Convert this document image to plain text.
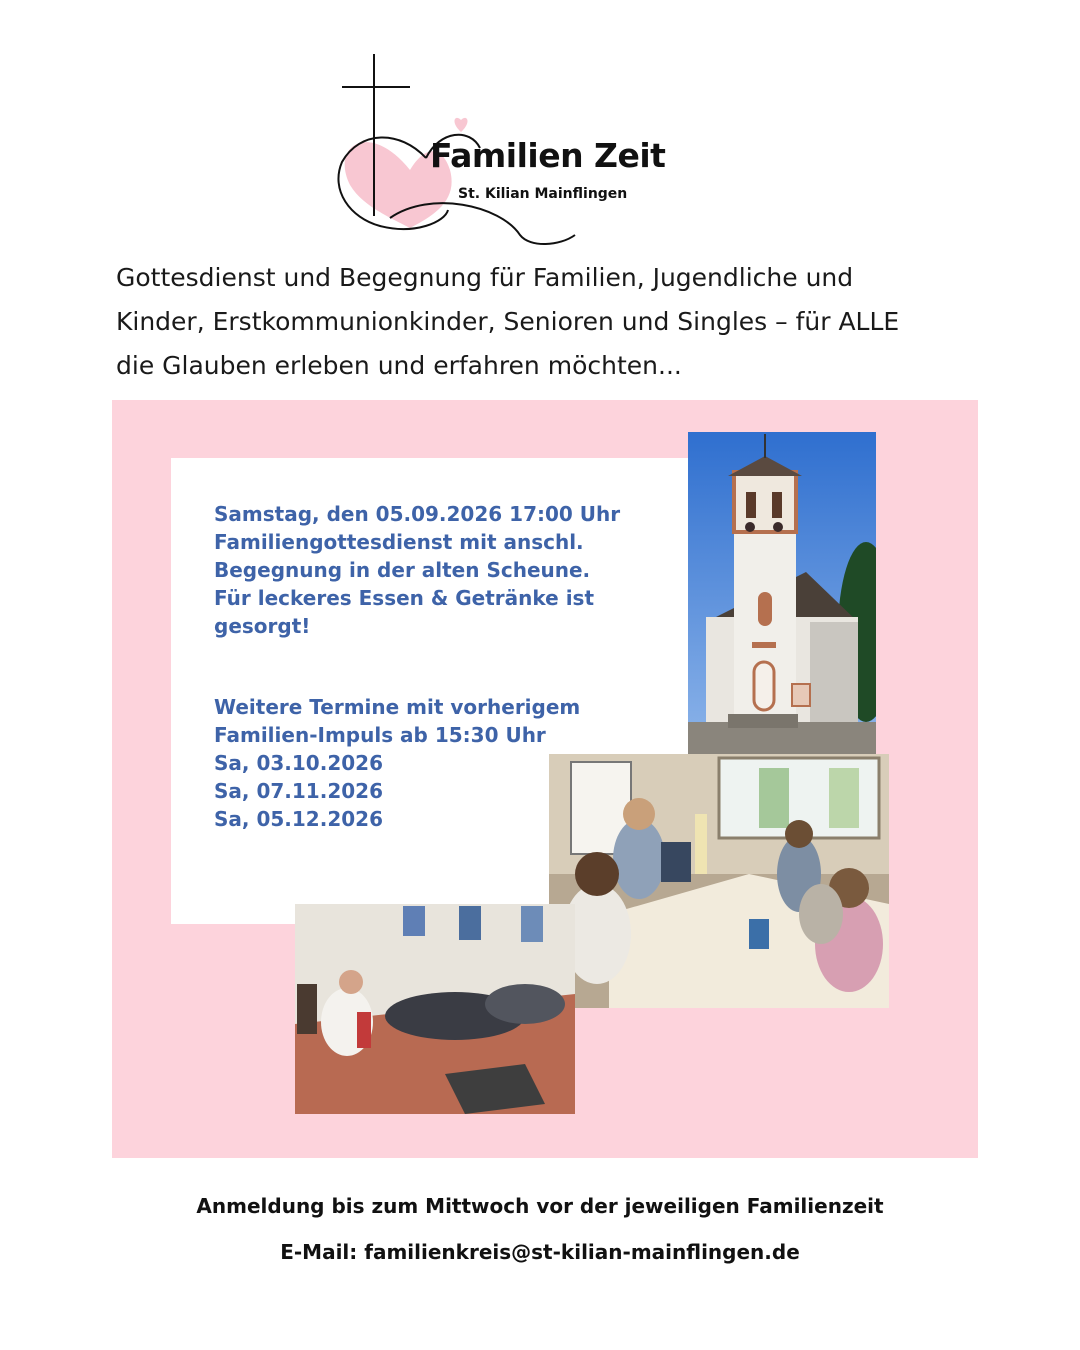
Familien Zeit
St. Kilian Mainflingen
Gottesdienst und Begegnung für Familien, Jugendliche und
Kinder, Erstkommunionkinder, Senioren und Singles – für ALLE
die Glauben erleben und erfahren möchten...
Samstag, den 05.09.2026 17:00 Uhr
Familiengottesdienst mit anschl.
Begegnung in der alten Scheune.
Für leckeres Essen & Getränke ist
gesorgt!
Weitere Termine mit vorherigem
Familien-Impuls ab 15:30 Uhr
Sa, 03.10.2026
Sa, 07.11.2026
Sa, 05.12.2026
Anmeldung bis zum Mittwoch vor der jeweiligen Familienzeit
E-Mail: familienkreis@st-kilian-mainflingen.de
